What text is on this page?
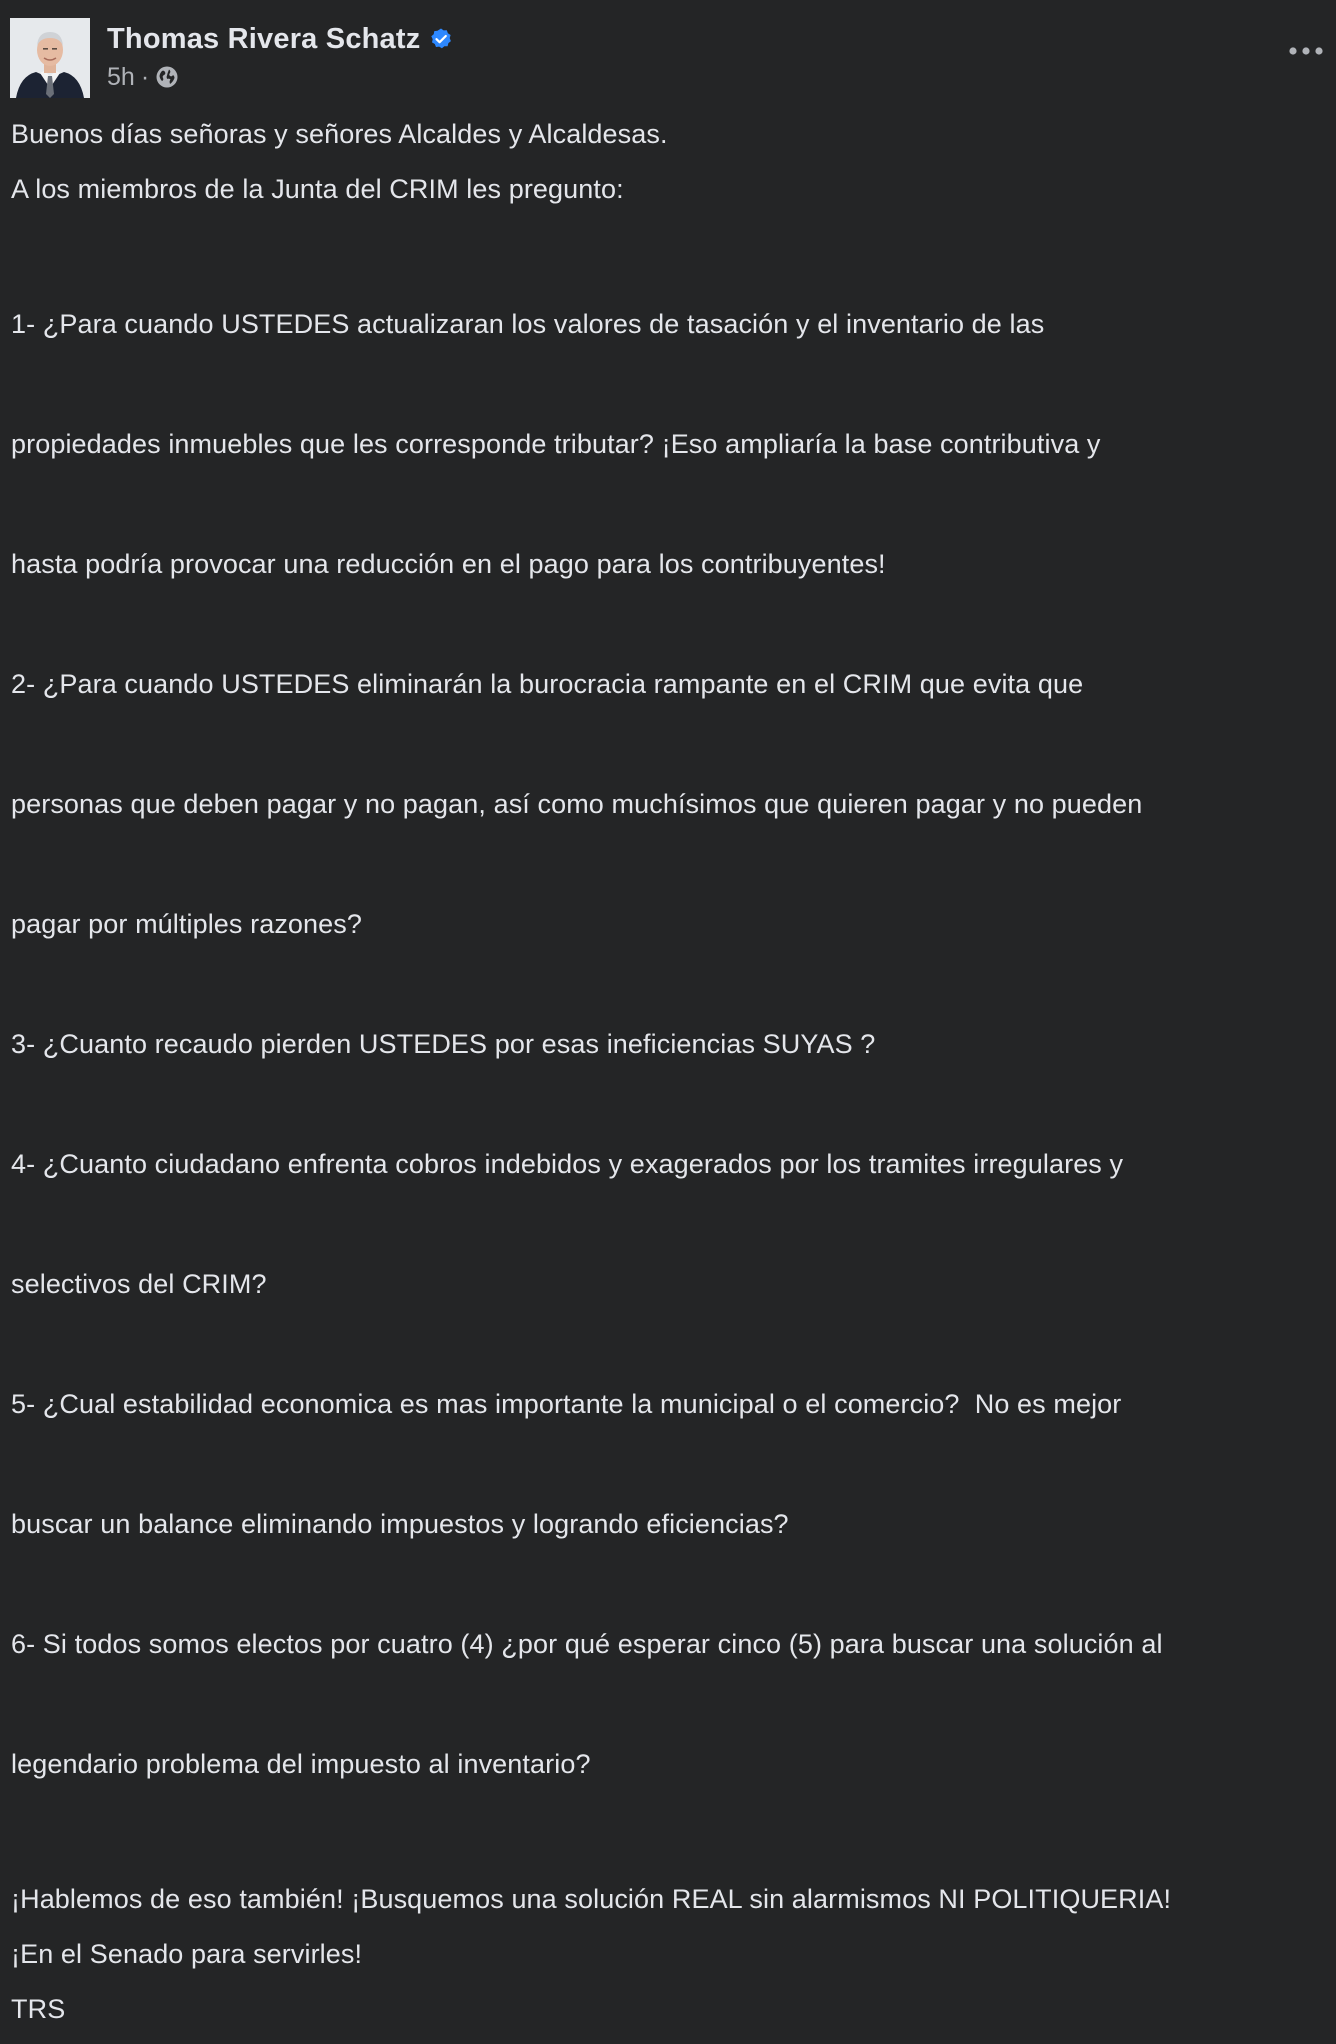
Thomas Rivera Schatz
5h ·

Buenos días señoras y señores Alcaldes y Alcaldesas.

A los miembros de la Junta del CRIM les pregunto:

1- ¿Para cuando USTEDES actualizaran los valores de tasación y el inventario de las

propiedades inmuebles que les corresponde tributar? ¡Eso ampliaría la base contributiva y

hasta podría provocar una reducción en el pago para los contribuyentes!

2- ¿Para cuando USTEDES eliminarán la burocracia rampante en el CRIM que evita que

personas que deben pagar y no pagan, así como muchísimos que quieren pagar y no pueden

pagar por múltiples razones?

3- ¿Cuanto recaudo pierden USTEDES por esas ineficiencias SUYAS ?

4- ¿Cuanto ciudadano enfrenta cobros indebidos y exagerados por los tramites irregulares y

selectivos del CRIM?

5- ¿Cual estabilidad economica es mas importante la municipal o el comercio?  No es mejor

buscar un balance eliminando impuestos y logrando eficiencias?

6- Si todos somos electos por cuatro (4) ¿por qué esperar cinco (5) para buscar una solución al

legendario problema del impuesto al inventario?

¡Hablemos de eso también! ¡Busquemos una solución REAL sin alarmismos NI POLITIQUERIA!

¡En el Senado para servirles!

TRS
